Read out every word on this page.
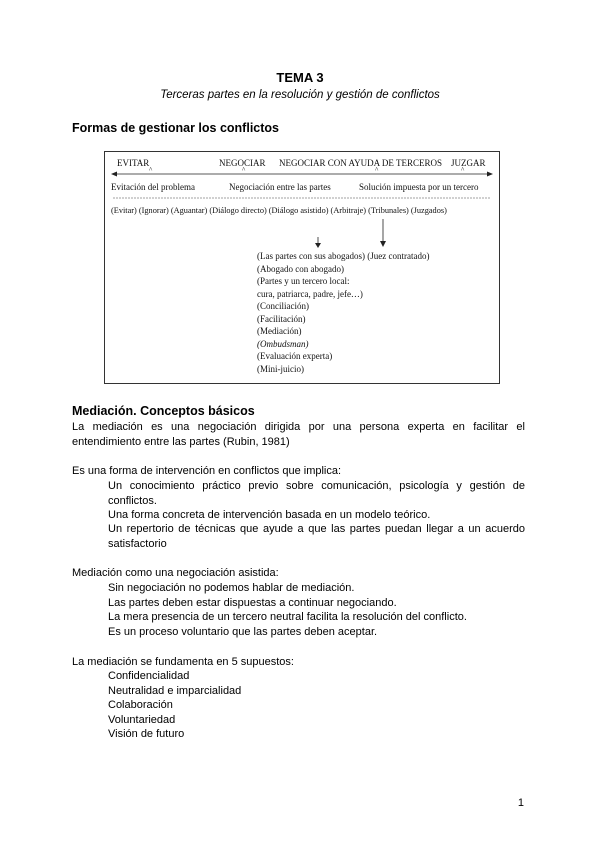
TEMA 3
Terceras partes en la resolución y gestión de conflictos
Formas de gestionar los conflictos
^	^	^	^
EVITAR	NEGOCIAR NEGOCIAR CON AYUDA DE TERCEROS JUZGAR
Evitación del problema	Negociación entre las partes	Solución impuesta por un tercero
(Evitar) (Ignorar) (Aguantar) (Diálogo directo) (Diálogo asistido) (Arbitraje) (Tribunales) (Juzgados)
(Las partes con sus abogados) (Juez contratado)
(Abogado con abogado)
(Partes y un tercero local:
cura, patriarca, padre, jefe…)
(Conciliación)
(Facilitación)
(Mediación)
(Ombudsman)
(Evaluación experta)
(Mini-juicio)
Mediación. Conceptos básicos
La mediación es una negociación dirigida por una persona experta en facilitar el entendimiento entre las partes (Rubin, 1981)
Es una forma de intervención en conflictos que implica:
Un conocimiento práctico previo sobre comunicación, psicología y gestión de conflictos.
Una forma concreta de intervención basada en un modelo teórico.
Un repertorio de técnicas que ayude a que las partes puedan llegar a un acuerdo satisfactorio
Mediación como una negociación asistida:
Sin negociación no podemos hablar de mediación.
Las partes deben estar dispuestas a continuar negociando.
La mera presencia de un tercero neutral facilita la resolución del conflicto.
Es un proceso voluntario que las partes deben aceptar.
La mediación se fundamenta en 5 supuestos:
Confidencialidad
Neutralidad e imparcialidad
Colaboración
Voluntariedad
Visión de futuro
1
